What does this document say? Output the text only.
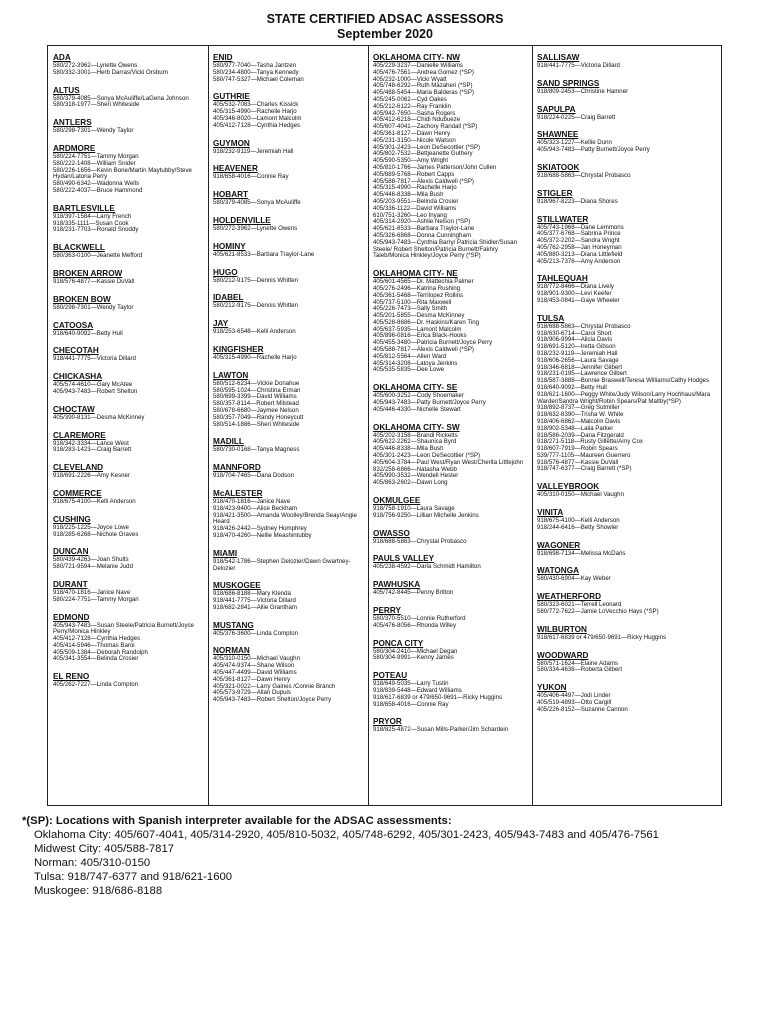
STATE CERTIFIED ADSAC ASSESSORS
September 2020
ADA
580/272-3962—Lynette Owens
580/332-3001—Herb Darras/Vicki Orsburn
ALTUS
580/379-4085—Sonya McAuliffe/LaGena Johnson
580/318-1977—Sheri Whiteside
ANTLERS
580/298-7301—Wendy Taylor
ARDMORE
580/224-7751—Tammy Morgan
580/222-1408—William Snider
580/226-1656—Kevin Bone/Martin Maytubby/Steve Hydan/Latoria Perry
580/490-6342—Wadonna Wells
580/222-4037—Bruce Hammond
BARTLESVILLE
918/397-1584—Larry French
918/335-1111—Susan Cook
918/231-7703—Ronald Snoddy
BLACKWELL
580/363-0100—Jeanette Mefford
BROKEN ARROW
918/576-4877—Kassie DuVall
BROKEN BOW
580/298-7301—Wendy Taylor
CATOOSA
918/640-9092—Betty Hull
CHECOTAH
918/441-7775—Victoria Dillard
CHICKASHA
405/574-4610—Gary McAtee
405/943-7483—Robert Shelton
CHOCTAW
405/390-8131—Desma McKinney
CLAREMORE
918/342-3334—Lance West
918/283-1423—Craig Barrett
CLEVELAND
918/691-2226—Amy Kesner
COMMERCE
918/675-4100—Kelli Anderson
CUSHING
918/225-1225—Joyce Lowe
918/285-6268—Nichole Graves
DUNCAN
580/439-4263—Joan Shults
580/721-9594—Melanie Judd
DURANT
918/470-1816—Janice Nave
580/224-7751—Tammy Morgan
EDMOND
405/943-7483—Susan Steele/Patricia Burnett/Joyce Perry/Monica Hinkley
405/412-7128—Cynthia Hedges
405/414-5946—Thomas Baroi
405/509-1384—Deborah Randolph
405/341-3554—Belinda Crosier
EL RENO
405/262-7227—Linda Compton
ENID
580/977-7040—Tasha Jantzen
580/234-4800—Tanya Kennedy
580/747-5327—Michael Coleman
GUTHRIE
405/532-7083—Charles Kissick
405/315-4990—Rachelle Harjo
405/346-8020—Lamont Malcolm
405/412-7128—Cynthia Hedges
GUYMON
918/232-9119—Jeremiah Hall
HEAVENER
918/658-4016—Connie Ray
HOBART
580/379-4085—Sonya McAuliffe
HOLDENVILLE
580/272-3962—Lynette Owens
HOMINY
405/621-8533—Barbara Traylor-Lane
HUGO
580/212-9175—Dennis Whitten
IDABEL
580/212-9175—Dennis Whitten
JAY
918/253-6548—Kelli Anderson
KINGFISHER
405/315-4990—Rachelle Harjo
LAWTON
580/512-6234—Vickie Donahue
580/595-1024—Christina Erman
580/699-3399—David Williams
580/357-8114—Robert Milstead
580/678-6680—Jaymee Nelson
580/357-7049—Randy Honeycutt
580/514-1886—Sheri Whiteside
MADILL
580/730-0168—Tanya Magness
MANNFORD
918/704-7465—Dana Dodson
McALESTER
918/470-1816—Janice Nave
918/423-9400—Alice Beckham
918/421-3500—Amanda Woolley/Brenda Seay/Angie Heard
918/426-2442—Sydney Humphrey
918/470-4260—Nellie Meashintubby
MIAMI
918/542-1786—Stephen Delozier/Dawn Gwartney-Delozier
MUSKOGEE
918/686-8188—Mary Klenda
918/441-7775—Victoria Dillard
918/682-2841—Allie Grantham
MUSTANG
405/376-3600—Linda Compton
NORMAN
405/310-0150—Michael Vaughn
405/474-9374—Shane Wilson
405/447-4499—David Williams
405/361-8127—Dawn Henry
405/321-0022—Larry Gaines /Connie Branch
405/573-9729—Allan Dupuis
405/943-7483—Robert Shelton/Joyce Perry
OKLAHOMA CITY- NW
405/229-3237—Danielle Williams
405/476-7561—Andrea Gomez (*SP)
405/232-1000—Vicki Wyatt
405/748-6292—Ruth Mazaheri (*SP)
405/488-5454—Maria Balderas (*SP)
405/245-0062—Cyd Oakes
405/212-6122—Ray Franklin
405/942-7650—Sasha Rogers
405/412-6218—Chidi Ndubueze
405/607-4041—Zachory Randall (*SP)
405/361-8127—Dawn Henry
405/231-3150—Nicole Watson
405/301-2423—Leon DeSecottier (*SP)
405/802-7532—Bettjeanette Guthery
405/590-5350—Amy Wright
405/810-1766—James Patterson/John Cullen
405/889-5768—Robert Capps
405/588-7817—Alexis Caldwell (*SP)
405/315-4990—Rachelle Harjo
405/446-8338—Mila Bush
405/203-9551—Belinda Crosier
405/336-1122—David Williams
610/751-3260—Leo Inyang
405/314-2920—Ashlie Nelson (*SP)
405/621-8533—Barbara Traylor-Lane
405/326-6868—Donna Cunningham
405/943-7483—Cynthia Barry/ Patricia Shidler/Susan Steele/ Robert Shelton/Patricia Burnett/Fakhry Taleb/Monica Hinkley/Joyce Perry (*SP)
OKLAHOMA CITY- NE
405/601-4565—Dr. Mattechia Palmer
405/276-2496—Katrina Rushing
405/361-5468—Terrilopez Rollins
405/737-5100—Rita Maxwell
405/226-7473—Sally Smith
405/201-5855—Desma McKinney
405/528-8686—Dr. Haskins/Karen Ting
405/637-5935—Lamont Malcolm
405/896-0816—Erica Black-Hooks
405/455-3480—Patricia Burnett/Joyce Perry
405/588-7817—Alexis Caldwell (*SP)
405/812-5564—Allen Ward
405/314-3208—Latoya Jenkins
405/535-5835—Dee Lowe
OKLAHOMA CITY- SE
405/600-3252—Cody Shoemaker
405/943-7483—Patty Burnett/Joyce Perry
405/446-4330—Nichelle Stewart
OKLAHOMA CITY- SW
405/202-3158—Brandi Ricketts
405/622-2262—Shaunica Byrd
405/446-8338—Mila Bush
405/301-2423—Leon DeSecottier (*SP)
405/604-3784—Paul West/Ryan West/Cherita Littlejohn
832/258-6866—Natasha Webb
405/990-3532—Wendell Hester
405/863-2602—Dawn Long
OKMULGEE
918/758-1910—Laura Savage
918/756-9250—Lillian Michelle Jenkins
OWASSO
918/688-5863—Chrystal Probasco
PAULS VALLEY
405/238-4592—Darla Schmidt Hamilton
PAWHUSKA
405/742-8445—Penny Britton
PERRY
580/370-5510—Lonnie Rutherford
405/476-8056—Rhonda Willey
PONCA CITY
580/304-2410—Michael Degan
580/304-9991—Kenny James
POTEAU
918/649-5035—Larry Tustin
918/839-5448—Edward Williams
918/617-6839 or 479/650-9691—Ricky Huggins
918/658-4016—Connie Ray
PRYOR
918/825-4872—Susan Mills-Parker/Jim Schardein
SALLISAW
918/441-7775—Victoria Dillard
SAND SPRINGS
918/809-2453—Christine Hamner
SAPULPA
918/224-0225—Craig Barrett
SHAWNEE
405/323-1227—Kellie Dunn
405/943-7483—Patty Burnett/Joyce Perry
SKIATOOK
918/688-5863—Chrystal Probasco
STIGLER
918/967-8223—Diana Shores
STILLWATER
405/743-1968—Dane Lemmons
405/377-6768—Sabrina Prince
405/372-2202—Sandra Wright
405/762-2958—Jan Honeyman
405/880-3213—Diana Littlefield
405/213-7376—Amy Anderson
TAHLEQUAH
918/772-8466—Diana Lively
918/901-9300—Levi Keefer
918/453-0841—Gaye Wheeler
TULSA
918/688-5863—Chrystal Probasco
918/630-6714—Carol Short
918/906-9994—Alicia Davis
918/691-5120—Iretta Gibson
918/232-9119—Jeremiah Hall
918/606-2656—Laura Savage
918/346-6818—Jennifer Gilbert
918/231-0195—Lawrence Gilbert
918/587-3888—Bonnie Braswell/Teresa Williams/Cathy Hodges
918/640-9092—Betty Hull
918/621-1600—Peggy White/Judy Wilson/Larry Hochhaus/Mara Warder/Sandra Wright/Robin Spears/Pat Maltby(*SP)
918/892-8737—Greg Sutmiller
918/632-8390—Trisha W. White
918/406-6862—Malcolm Davis
918/902-5348—Lalia Parker
918/586-2039—Dana Fitzgerald
918/271-5118—Rusty Gillette/Amy Cox
918/607-7919—Robin Spears
539/777-1105—Maureen Guerrero
918/576-4877—Kassie DuVall
918/747-6377—Craig Barrett (*SP)
VALLEYBROOK
405/310-0150—Michael Vaughn
VINITA
918/675-4100—Kelli Anderson
918/244-6416—Betty Showler
WAGONER
918/698-7134—Melissa McDaris
WATONGA
580/430-6904—Kay Weber
WEATHERFORD
580/323-6021—Terrell Leonard
580/772-7622—Jamie LoVecchio Hays (*SP)
WILBURTON
918/617-6839 or 479/650-9691—Ricky Huggins
WOODWARD
580/571-1624—Elaine Adams
580/334-4638—Roberta Gilbert
YUKON
405/406-4497—Jodi Linder
405/519-4893—Otto Cargill
405/226-8152—Suzanne Cannon
*(SP): Locations with Spanish interpreter available for the ADSAC assessments:
Oklahoma City: 405/607-4041, 405/314-2920, 405/810-5032, 405/748-6292, 405/301-2423, 405/943-7483 and 405/476-7561
Midwest City: 405/588-7817
Norman: 405/310-0150
Tulsa: 918/747-6377 and 918/621-1600
Muskogee: 918/686-8188
